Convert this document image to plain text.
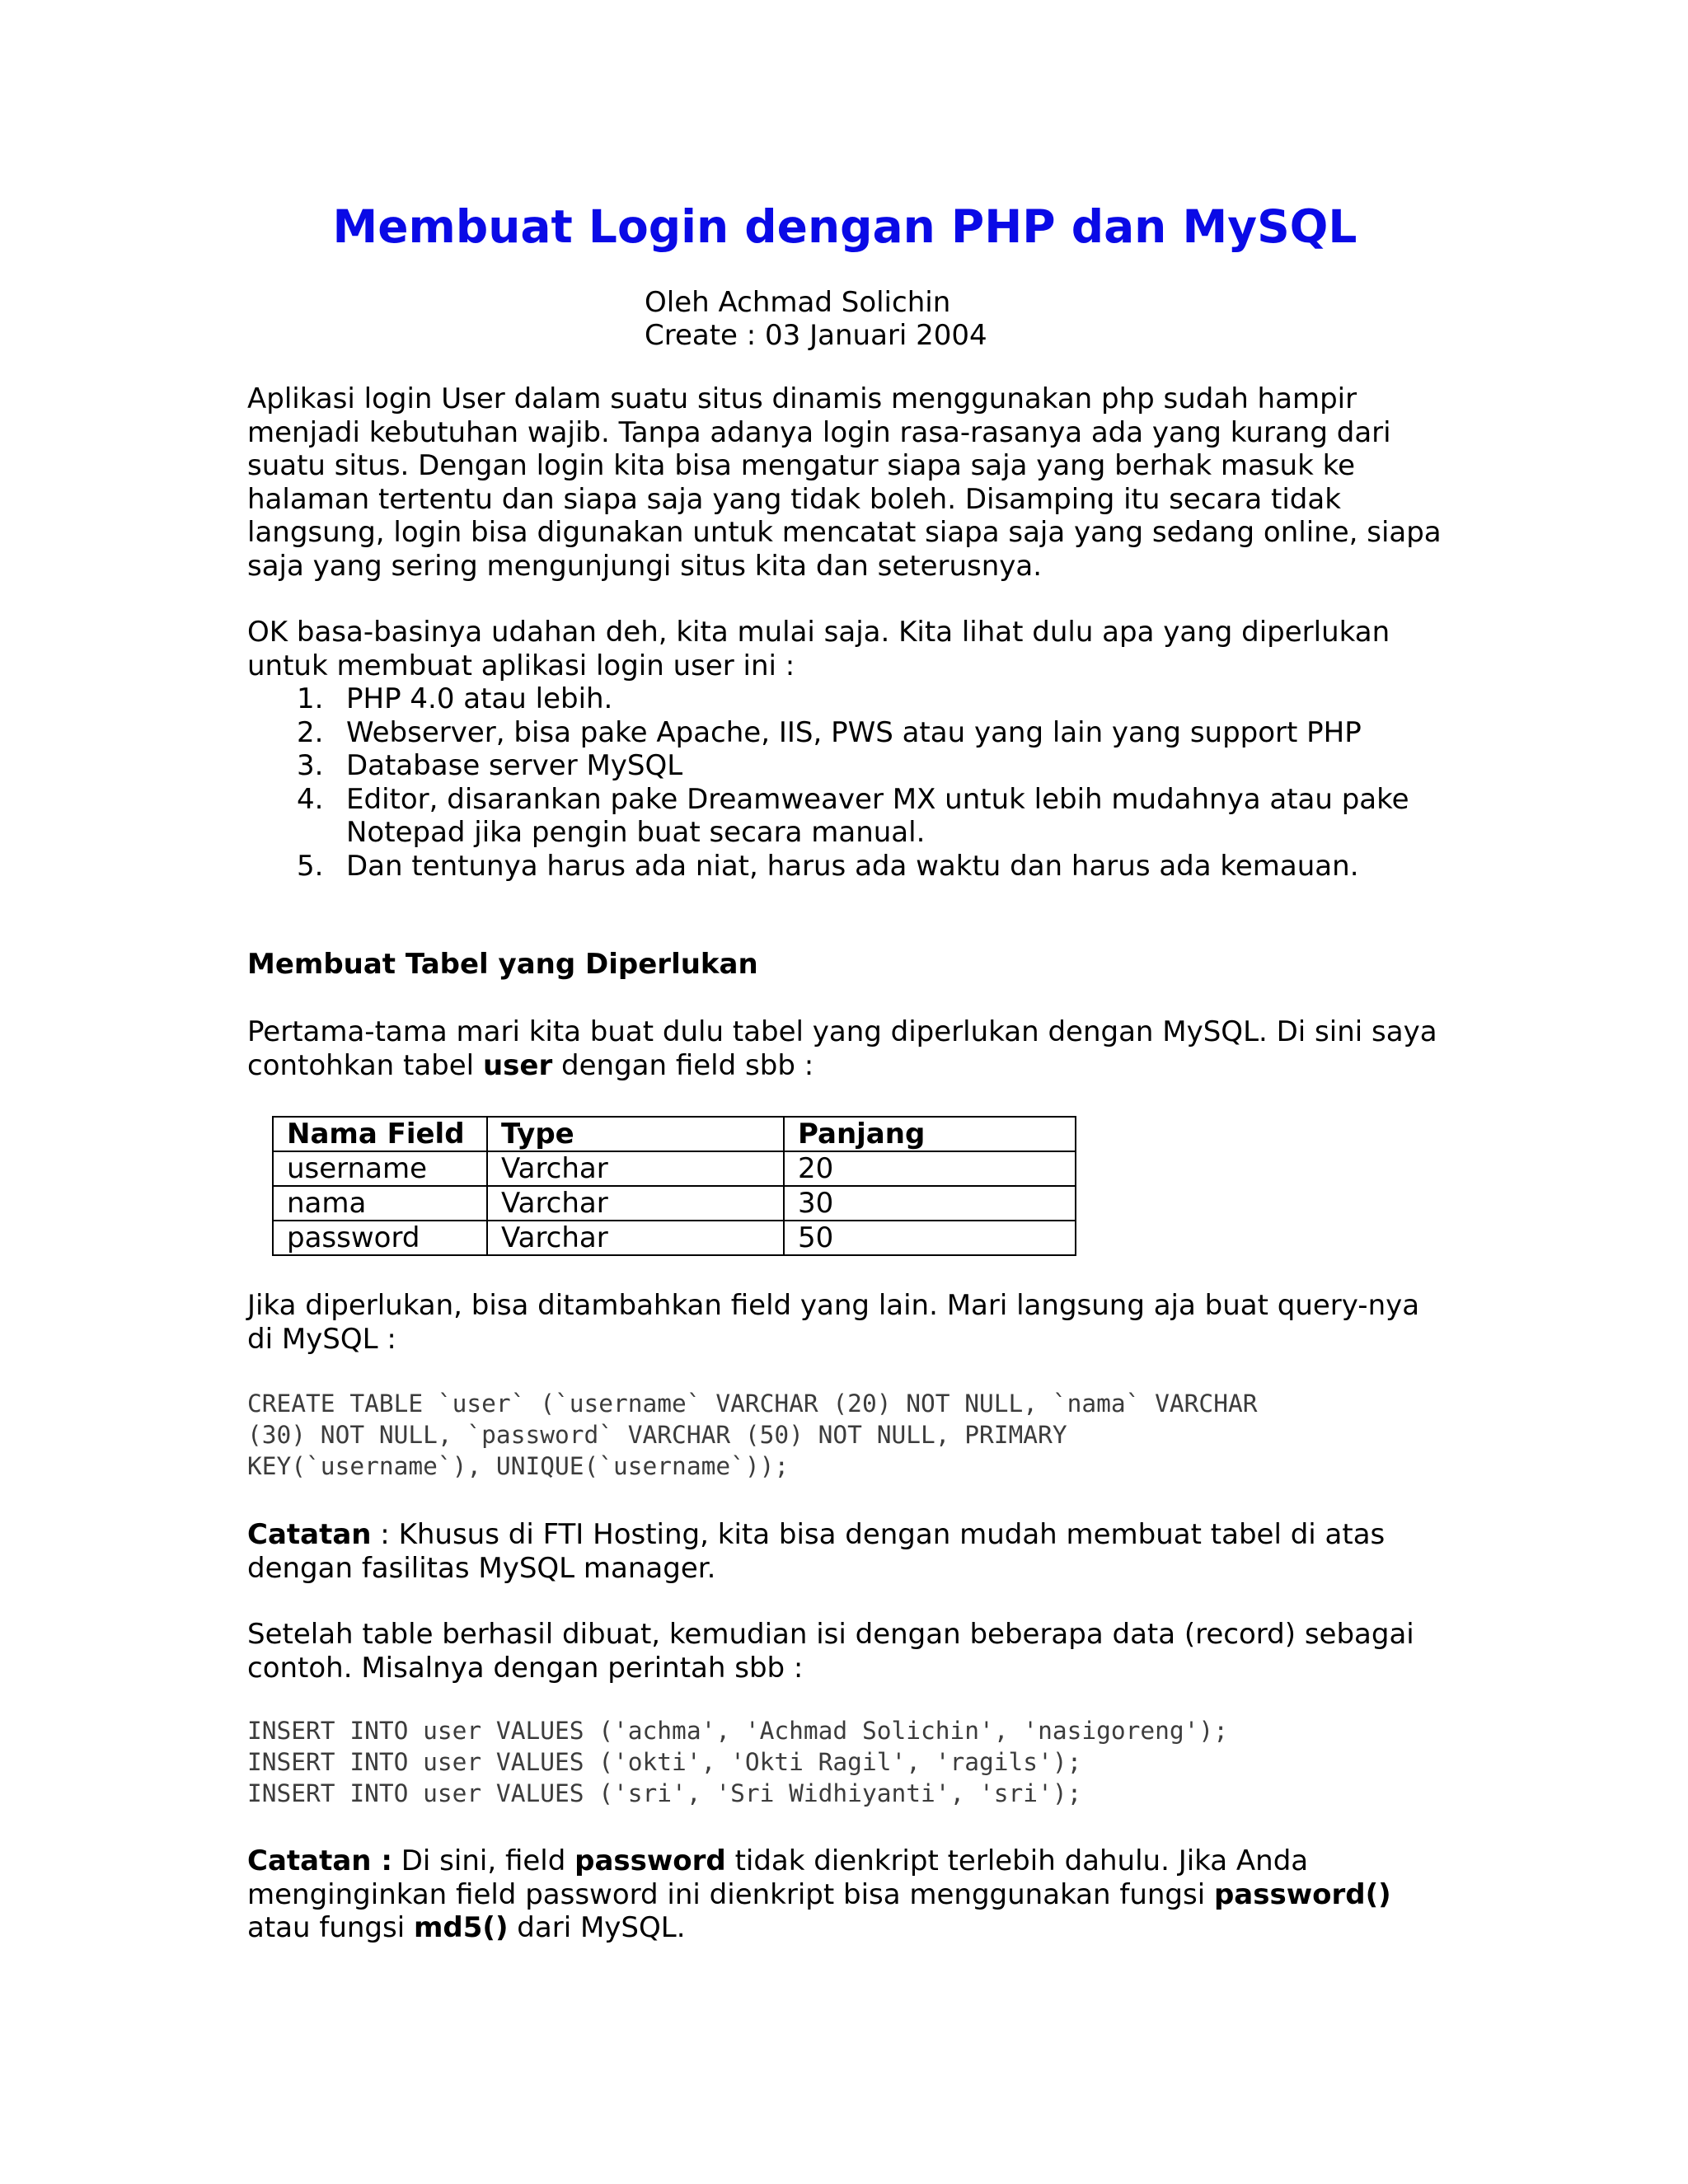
Membuat Login dengan PHP dan MySQL
Oleh Achmad Solichin
Create : 03 Januari 2004

Aplikasi login User dalam suatu situs dinamis menggunakan php sudah hampir

menjadi kebutuhan wajib. Tanpa adanya login rasa-rasanya ada yang kurang dari

suatu situs. Dengan login kita bisa mengatur siapa saja yang berhak masuk ke

halaman tertentu dan siapa saja yang tidak boleh. Disamping itu secara tidak

langsung, login bisa digunakan untuk mencatat siapa saja yang sedang online, siapa

saja yang sering mengunjungi situs kita dan seterusnya.

OK basa-basinya udahan deh, kita mulai saja. Kita lihat dulu apa yang diperlukan

untuk membuat aplikasi login user ini :

1. PHP 4.0 atau lebih.
2. Webserver, bisa pake Apache, IIS, PWS atau yang lain yang support PHP
3. Database server MySQL
4. Editor, disarankan pake Dreamweaver MX untuk lebih mudahnya atau pake
Notepad jika pengin buat secara manual.
5. Dan tentunya harus ada niat, harus ada waktu dan harus ada kemauan.
Membuat Tabel yang Diperlukan

Pertama-tama mari kita buat dulu tabel yang diperlukan dengan MySQL. Di sini saya

contohkan tabel user dengan field sbb :

Nama Field	Type	Panjang
username	Varchar	20
nama	Varchar	30
password	Varchar	50

Jika diperlukan, bisa ditambahkan field yang lain. Mari langsung aja buat query-nya

di MySQL :

CREATE TABLE `user` (`username` VARCHAR (20) NOT NULL, `nama` VARCHAR
(30) NOT NULL, `password` VARCHAR (50) NOT NULL, PRIMARY
KEY(`username`), UNIQUE(`username`));

Catatan : Khusus di FTI Hosting, kita bisa dengan mudah membuat tabel di atas

dengan fasilitas MySQL manager.

Setelah table berhasil dibuat, kemudian isi dengan beberapa data (record) sebagai

contoh. Misalnya dengan perintah sbb :

INSERT INTO user VALUES ('achma', 'Achmad Solichin', 'nasigoreng');
INSERT INTO user VALUES ('okti', 'Okti Ragil', 'ragils');
INSERT INTO user VALUES ('sri', 'Sri Widhiyanti', 'sri');

Catatan : Di sini, field password tidak dienkript terlebih dahulu. Jika Anda

menginginkan field password ini dienkript bisa menggunakan fungsi password()

atau fungsi md5() dari MySQL.
